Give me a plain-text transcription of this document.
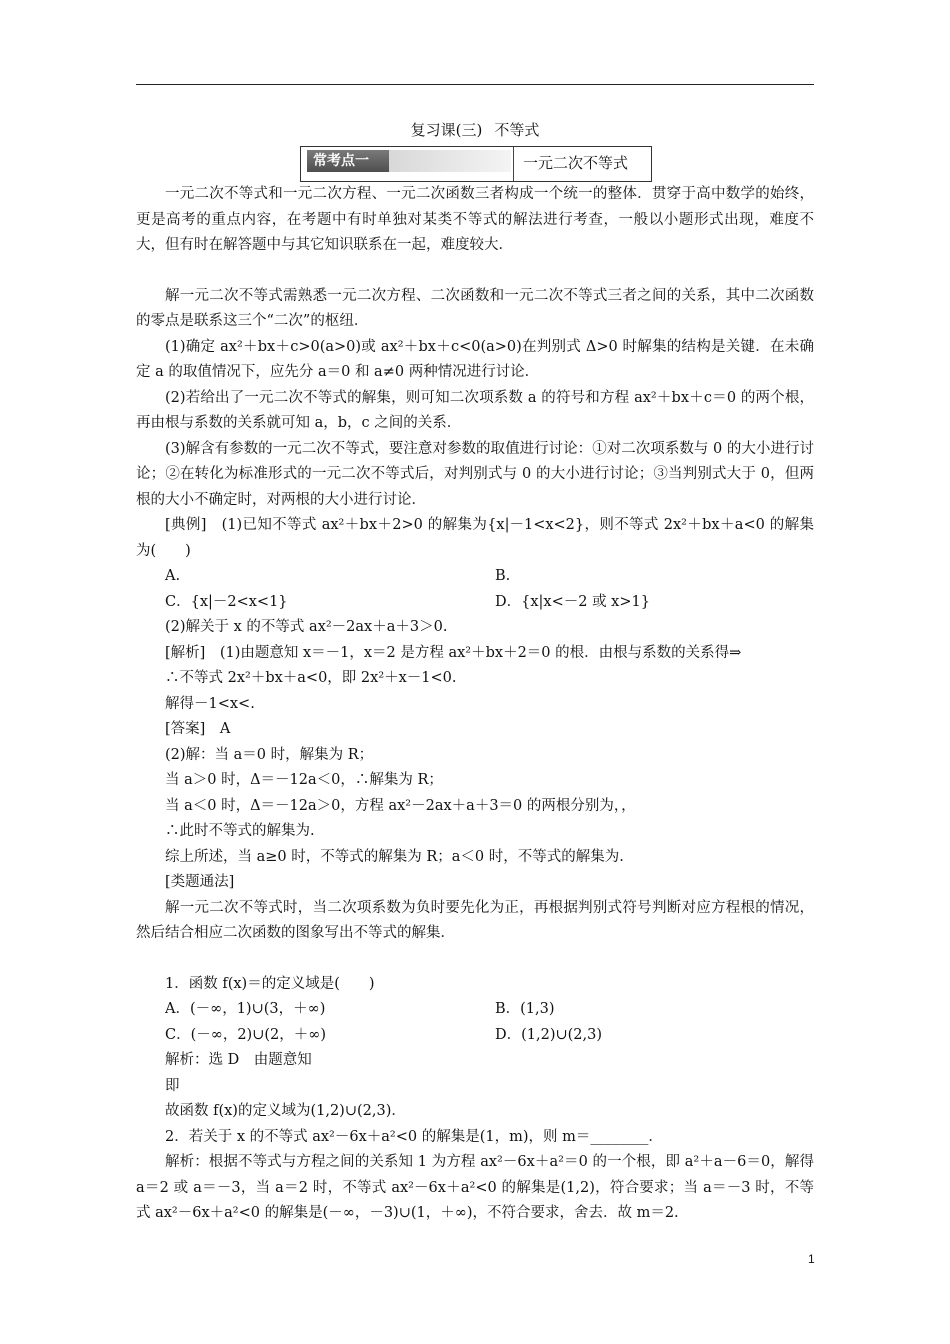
复习课(三) 不等式
常考点一	一元二次不等式

一元二次不等式和一元二次方程、一元二次函数三者构成一个统一的整体．贯穿于高中数学的始终，更是高考的重点内容，在考题中有时单独对某类不等式的解法进行考查，一般以小题形式出现，难度不大，但有时在解答题中与其它知识联系在一起，难度较大．

解一元二次不等式需熟悉一元二次方程、二次函数和一元二次不等式三者之间的关系，其中二次函数的零点是联系这三个“二次”的枢纽．

(1)确定 ax²＋bx＋c>0(a>0)或 ax²＋bx＋c<0(a>0)在判别式 Δ>0 时解集的结构是关键．在未确定 a 的取值情况下，应先分 a＝0 和 a≠0 两种情况进行讨论．

(2)若给出了一元二次不等式的解集，则可知二次项系数 a 的符号和方程 ax²＋bx＋c＝0 的两个根，再由根与系数的关系就可知 a，b，c 之间的关系．

(3)解含有参数的一元二次不等式，要注意对参数的取值进行讨论：①对二次项系数与 0 的大小进行讨论；②在转化为标准形式的一元二次不等式后，对判别式与 0 的大小进行讨论；③当判别式大于 0，但两根的大小不确定时，对两根的大小进行讨论．

[典例]　(1)已知不等式 ax²＋bx＋2>0 的解集为{x|－1<x<2}，则不等式 2x²＋bx＋a<0 的解集为(　　)

A.	B.
C．{x|－2<x<1}	D．{x|x<－2 或 x>1}

(2)解关于 x 的不等式 ax²－2ax＋a＋3＞0.

[解析]　(1)由题意知 x＝－1，x＝2 是方程 ax²＋bx＋2＝0 的根．由根与系数的关系得⇒

∴不等式 2x²＋bx＋a<0，即 2x²＋x－1<0.

解得－1<x<.

[答案]　A

(2)解：当 a＝0 时，解集为 R；

当 a＞0 时，Δ＝－12a＜0，∴解集为 R；

当 a＜0 时，Δ＝－12a＞0，方程 ax²－2ax＋a＋3＝0 的两根分别为，，

∴此时不等式的解集为.

综上所述，当 a≥0 时，不等式的解集为 R；a＜0 时，不等式的解集为.

[类题通法]

解一元二次不等式时，当二次项系数为负时要先化为正，再根据判别式符号判断对应方程根的情况，然后结合相应二次函数的图象写出不等式的解集．

1．函数 f(x)＝的定义域是(　　)

A．(－∞，1)∪(3，＋∞)	B．(1,3)
C．(－∞，2)∪(2，＋∞)	D．(1,2)∪(2,3)

解析：选 D　由题意知

即

故函数 f(x)的定义域为(1,2)∪(2,3)．

2．若关于 x 的不等式 ax²－6x＋a²<0 的解集是(1，m)，则 m＝________．

解析：根据不等式与方程之间的关系知 1 为方程 ax²－6x＋a²＝0 的一个根，即 a²＋a－6＝0，解得 a＝2 或 a＝－3，当 a＝2 时，不等式 ax²－6x＋a²<0 的解集是(1,2)，符合要求；当 a＝－3 时，不等式 ax²－6x＋a²<0 的解集是(－∞，－3)∪(1，＋∞)，不符合要求，舍去．故 m＝2.

1
